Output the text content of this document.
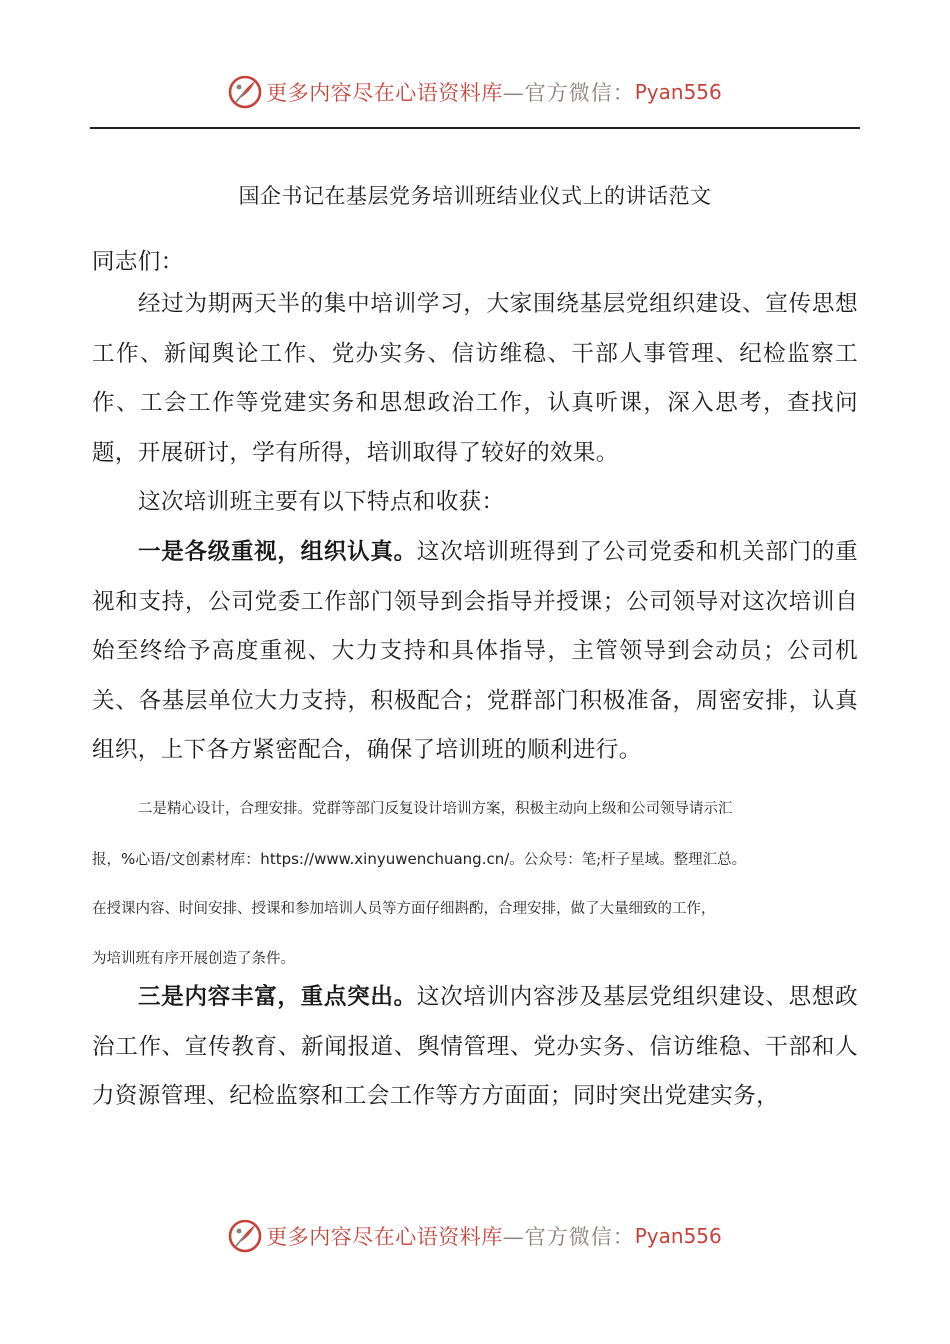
更多内容尽在心语资料库 —官方微信： Pyan556
国企书记在基层党务培训班结业仪式上的讲话范文

同志们：

经过为期两天半的集中培训学习，大家围绕基层党组织建设、宣传思想工作、新闻舆论工作、党办实务、信访维稳、干部人事管理、纪检监察工作、工会工作等党建实务和思想政治工作，认真听课，深入思考，查找问题，开展研讨，学有所得，培训取得了较好的效果。

这次培训班主要有以下特点和收获：

一是各级重视，组织认真。这次培训班得到了公司党委和机关部门的重视和支持，公司党委工作部门领导到会指导并授课；公司领导对这次培训自始至终给予高度重视、大力支持和具体指导，主管领导到会动员；公司机关、各基层单位大力支持，积极配合；党群部门积极准备，周密安排，认真组织，上下各方紧密配合，确保了培训班的顺利进行。

二是精心设计，合理安排。党群等部门反复设计培训方案，积极主动向上级和公司领导请示汇
报，%心语/文创素材库：https://www.xinyuwenchuang.cn/。公众号：笔;杆子星域。整理汇总。
在授课内容、时间安排、授课和参加培训人员等方面仔细斟酌，合理安排，做了大量细致的工作，
为培训班有序开展创造了条件。

三是内容丰富，重点突出。这次培训内容涉及基层党组织建设、思想政治工作、宣传教育、新闻报道、舆情管理、党办实务、信访维稳、干部和人力资源管理、纪检监察和工会工作等方方面面；同时突出党建实务，

更多内容尽在心语资料库 —官方微信： Pyan556
